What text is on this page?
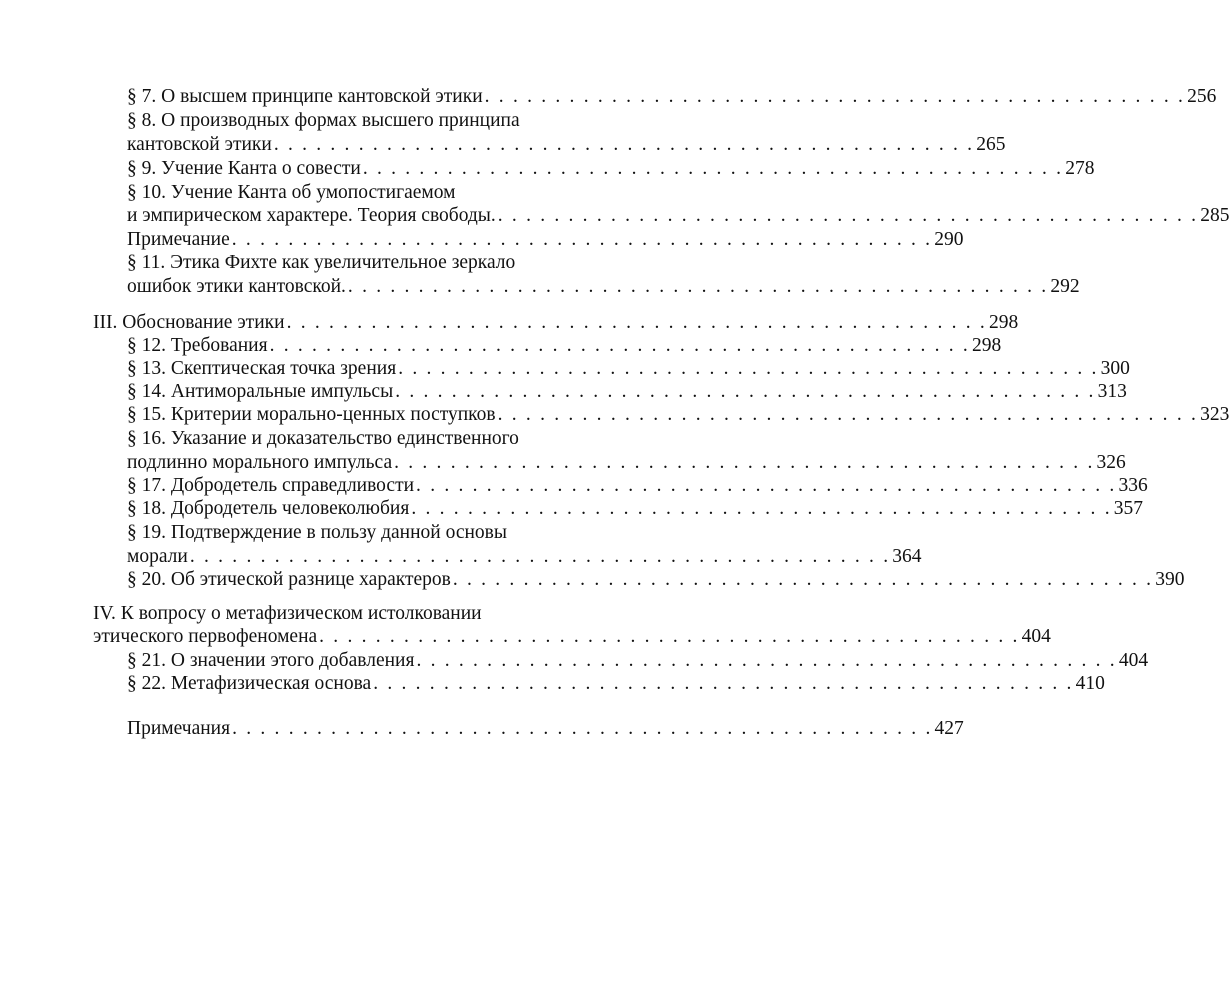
§ 7. О высшем принципе кантовской этики . . . . . . . . . . . . . . . . . . . . . . . . . . . . . . . . . . . . . . . . . . . . . . . . . . 256
§ 8. О производных формах высшего принципа
кантовской этики . . . . . . . . . . . . . . . . . . . . . . . . . . . . . . . . . . . . . . . . . . . . . . . . . . 265
§ 9. Учение Канта о совести . . . . . . . . . . . . . . . . . . . . . . . . . . . . . . . . . . . . . . . . . . . . . . . . . . 278
§ 10. Учение Канта об умопостигаемом
и эмпирическом характере. Теория свободы. . . . . . . . . . . . . . . . . . . . . . . . . . . . . . . . . . . . . . . . . . . . . . . . . . . 285
Примечание . . . . . . . . . . . . . . . . . . . . . . . . . . . . . . . . . . . . . . . . . . . . . . . . . . 290
§ 11. Этика Фихте как увеличительное зеркало
ошибок этики кантовской. . . . . . . . . . . . . . . . . . . . . . . . . . . . . . . . . . . . . . . . . . . . . . . . . . . 292
III. Обоснование этики . . . . . . . . . . . . . . . . . . . . . . . . . . . . . . . . . . . . . . . . . . . . . . . . . . 298
§ 12. Требования . . . . . . . . . . . . . . . . . . . . . . . . . . . . . . . . . . . . . . . . . . . . . . . . . . 298
§ 13. Скептическая точка зрения . . . . . . . . . . . . . . . . . . . . . . . . . . . . . . . . . . . . . . . . . . . . . . . . . . 300
§ 14. Антиморальные импульсы . . . . . . . . . . . . . . . . . . . . . . . . . . . . . . . . . . . . . . . . . . . . . . . . . . 313
§ 15. Критерии морально-ценных поступков . . . . . . . . . . . . . . . . . . . . . . . . . . . . . . . . . . . . . . . . . . . . . . . . . . 323
§ 16. Указание и доказательство единственного
подлинно морального импульса . . . . . . . . . . . . . . . . . . . . . . . . . . . . . . . . . . . . . . . . . . . . . . . . . . 326
§ 17. Добродетель справедливости . . . . . . . . . . . . . . . . . . . . . . . . . . . . . . . . . . . . . . . . . . . . . . . . . . 336
§ 18. Добродетель человеколюбия . . . . . . . . . . . . . . . . . . . . . . . . . . . . . . . . . . . . . . . . . . . . . . . . . . 357
§ 19. Подтверждение в пользу данной основы
морали . . . . . . . . . . . . . . . . . . . . . . . . . . . . . . . . . . . . . . . . . . . . . . . . . . 364
§ 20. Об этической разнице характеров . . . . . . . . . . . . . . . . . . . . . . . . . . . . . . . . . . . . . . . . . . . . . . . . . . 390
IV. К вопросу о метафизическом истолковании
этического первофеномена . . . . . . . . . . . . . . . . . . . . . . . . . . . . . . . . . . . . . . . . . . . . . . . . . . 404
§ 21. О значении этого добавления . . . . . . . . . . . . . . . . . . . . . . . . . . . . . . . . . . . . . . . . . . . . . . . . . . 404
§ 22. Метафизическая основа . . . . . . . . . . . . . . . . . . . . . . . . . . . . . . . . . . . . . . . . . . . . . . . . . . 410
Примечания . . . . . . . . . . . . . . . . . . . . . . . . . . . . . . . . . . . . . . . . . . . . . . . . . . 427
